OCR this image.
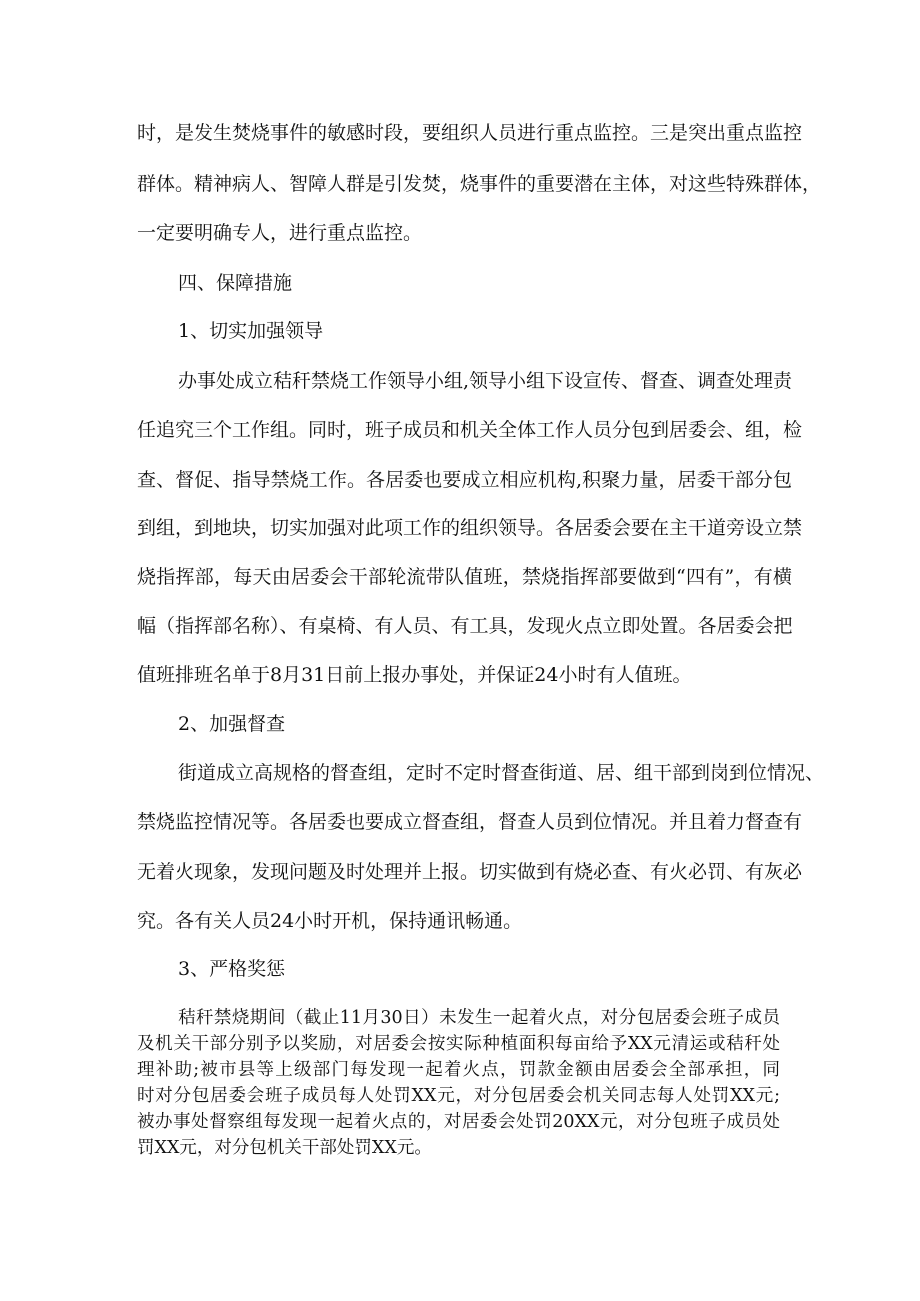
时，是发生焚烧事件的敏感时段，要组织人员进行重点监控。三是突出重点监控
群体。精神病人、智障人群是引发焚，烧事件的重要潜在主体，对这些特殊群体，
一定要明确专人，进行重点监控。
四、保障措施
1、切实加强领导
办事处成立秸秆禁烧工作领导小组,领导小组下设宣传、督查、调查处理责
任追究三个工作组。同时，班子成员和机关全体工作人员分包到居委会、组，检
查、督促、指导禁烧工作。各居委也要成立相应机构,积聚力量，居委干部分包
到组，到地块，切实加强对此项工作的组织领导。各居委会要在主干道旁设立禁
烧指挥部，每天由居委会干部轮流带队值班，禁烧指挥部要做到“四有”，有横
幅（指挥部名称）、有桌椅、有人员、有工具，发现火点立即处置。各居委会把
值班排班名单于8月31日前上报办事处，并保证24小时有人值班。
2、加强督查
街道成立高规格的督查组，定时不定时督查街道、居、组干部到岗到位情况、
禁烧监控情况等。各居委也要成立督查组，督查人员到位情况。并且着力督查有
无着火现象，发现问题及时处理并上报。切实做到有烧必查、有火必罚、有灰必
究。各有关人员24小时开机，保持通讯畅通。
3、严格奖惩
秸秆禁烧期间（截止11月30日）未发生一起着火点，对分包居委会班子成员
及机关干部分别予以奖励，对居委会按实际种植面积每亩给予XX元清运或秸秆处
理补助;被市县等上级部门每发现一起着火点，罚款金额由居委会全部承担，同
时对分包居委会班子成员每人处罚XX元，对分包居委会机关同志每人处罚XX元;
被办事处督察组每发现一起着火点的，对居委会处罚20XX元，对分包班子成员处
罚XX元，对分包机关干部处罚XX元。
